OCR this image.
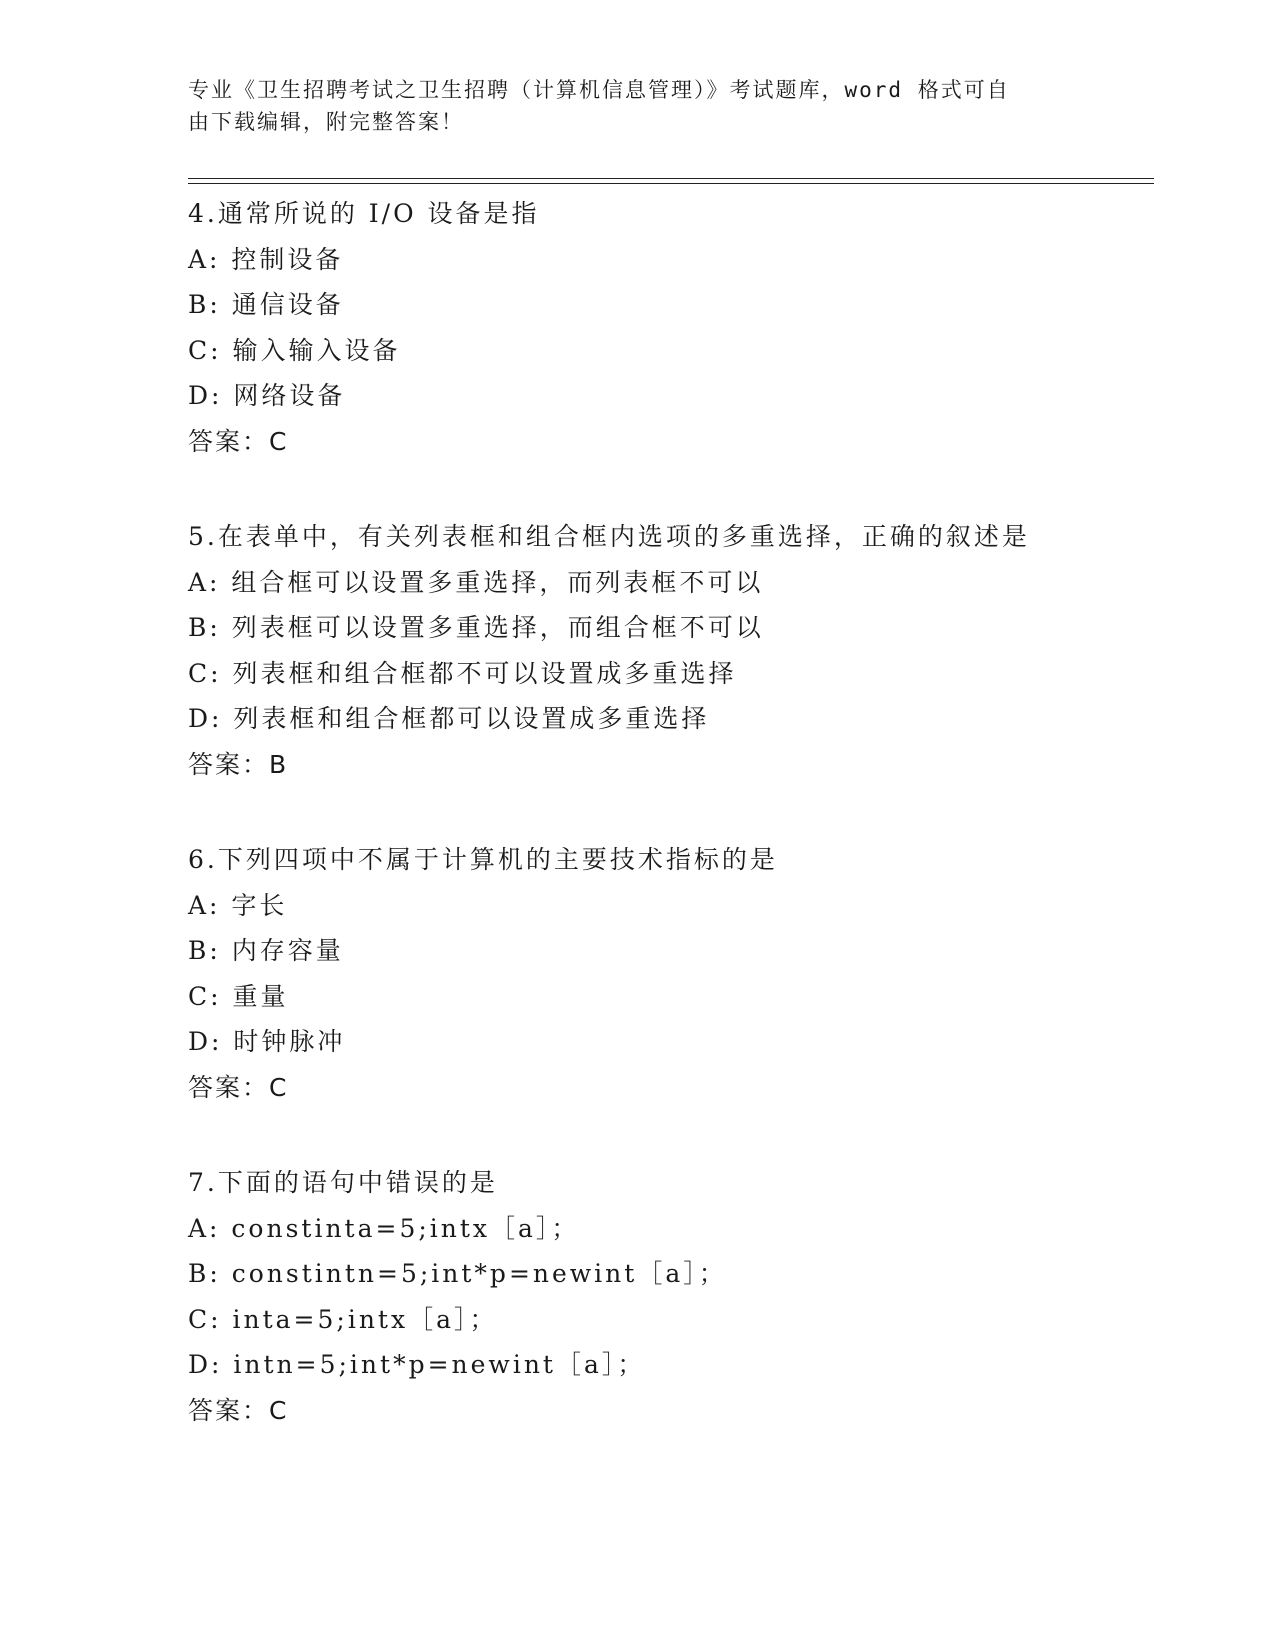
专业《卫生招聘考试之卫生招聘（计算机信息管理）》考试题库，word 格式可自
由下载编辑，附完整答案！
4.通常所说的 I/O 设备是指
A: 控制设备
B: 通信设备
C: 输入输入设备
D: 网络设备
答案：C
5.在表单中，有关列表框和组合框内选项的多重选择，正确的叙述是
A: 组合框可以设置多重选择，而列表框不可以
B: 列表框可以设置多重选择，而组合框不可以
C: 列表框和组合框都不可以设置成多重选择
D: 列表框和组合框都可以设置成多重选择
答案：B
6.下列四项中不属于计算机的主要技术指标的是
A: 字长
B: 内存容量
C: 重量
D: 时钟脉冲
答案：C
7.下面的语句中错误的是
A: constinta=5;intx［a］；
B: constintn=5;int*p=newint［a］；
C: inta=5;intx［a］；
D: intn=5;int*p=newint［a］；
答案：C
